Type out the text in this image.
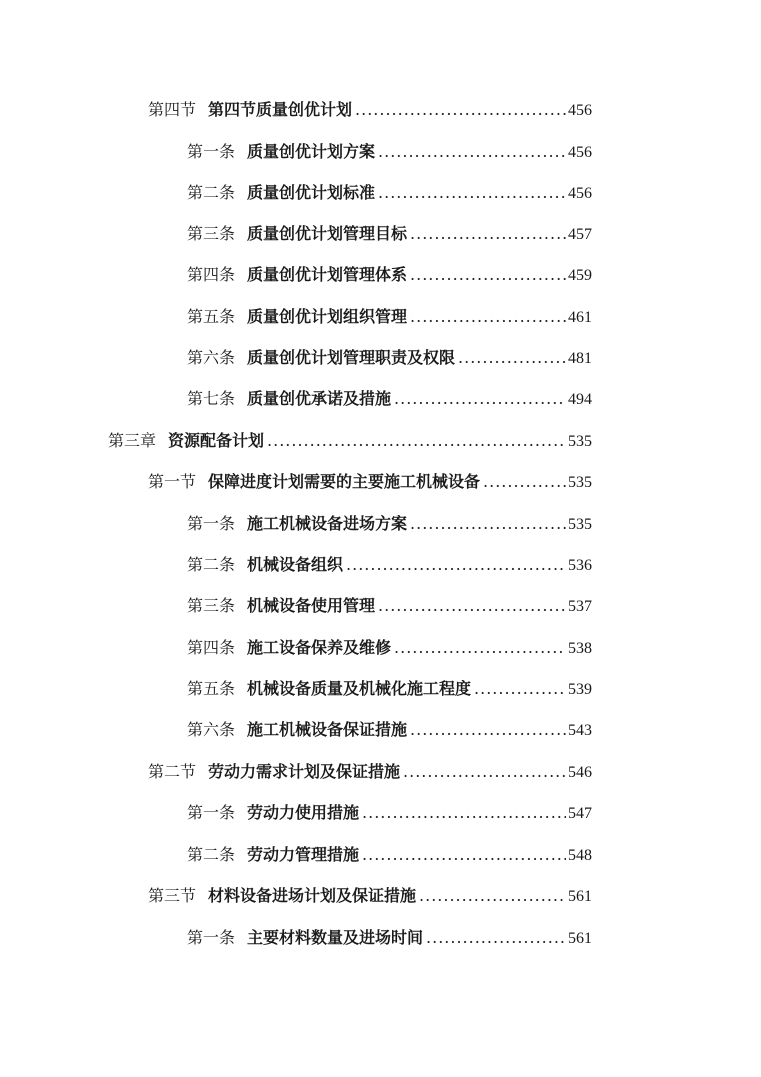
第四节 第四节质量创优计划 .....	456
第一条 质量创优计划方案 .....	456
第二条 质量创优计划标准 .....	456
第三条 质量创优计划管理目标 .....	457
第四条 质量创优计划管理体系 .....	459
第五条 质量创优计划组织管理 .....	461
第六条 质量创优计划管理职责及权限 .....	481
第七条 质量创优承诺及措施 .....	494
第三章 资源配备计划 .....	535
第一节 保障进度计划需要的主要施工机械设备 .....	535
第一条 施工机械设备进场方案 .....	535
第二条 机械设备组织 .....	536
第三条 机械设备使用管理 .....	537
第四条 施工设备保养及维修 .....	538
第五条 机械设备质量及机械化施工程度 .....	539
第六条 施工机械设备保证措施 .....	543
第二节 劳动力需求计划及保证措施 .....	546
第一条 劳动力使用措施 .....	547
第二条 劳动力管理措施 .....	548
第三节 材料设备进场计划及保证措施 .....	561
第一条 主要材料数量及进场时间 .....	561
